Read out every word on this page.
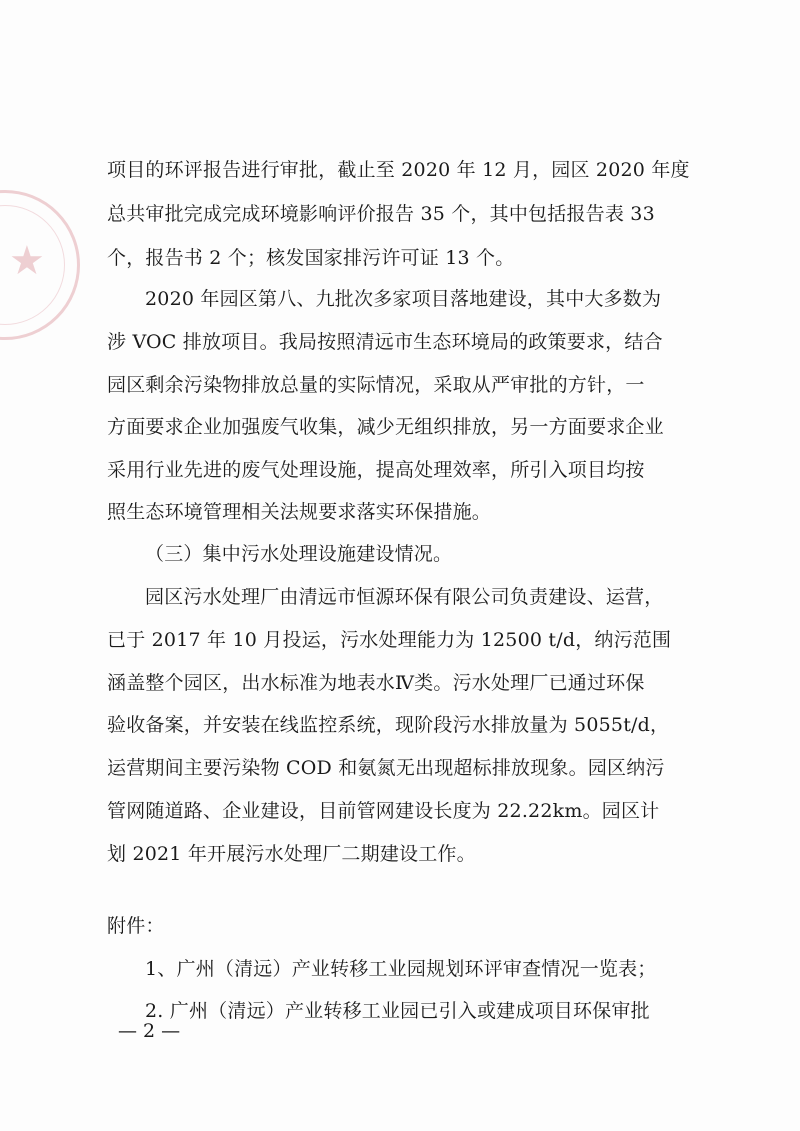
★
项目的环评报告进行审批，截止至 2020 年 12 月，园区 2020 年度
总共审批完成完成环境影响评价报告 35 个，其中包括报告表 33
个，报告书 2 个；核发国家排污许可证 13 个。
2020 年园区第八、九批次多家项目落地建设，其中大多数为
涉 VOC 排放项目。我局按照清远市生态环境局的政策要求，结合
园区剩余污染物排放总量的实际情况，采取从严审批的方针，一
方面要求企业加强废气收集，减少无组织排放，另一方面要求企业
采用行业先进的废气处理设施，提高处理效率，所引入项目均按
照生态环境管理相关法规要求落实环保措施。
（三）集中污水处理设施建设情况。
园区污水处理厂由清远市恒源环保有限公司负责建设、运营，
已于 2017 年 10 月投运，污水处理能力为 12500 t/d，纳污范围
涵盖整个园区，出水标准为地表水Ⅳ类。污水处理厂已通过环保
验收备案，并安装在线监控系统，现阶段污水排放量为 5055t/d，
运营期间主要污染物 COD 和氨氮无出现超标排放现象。园区纳污
管网随道路、企业建设，目前管网建设长度为 22.22km。园区计
划 2021 年开展污水处理厂二期建设工作。
附件：
1、广州（清远）产业转移工业园规划环评审查情况一览表；
2. 广州（清远）产业转移工业园已引入或建成项目环保审批
— 2 —
